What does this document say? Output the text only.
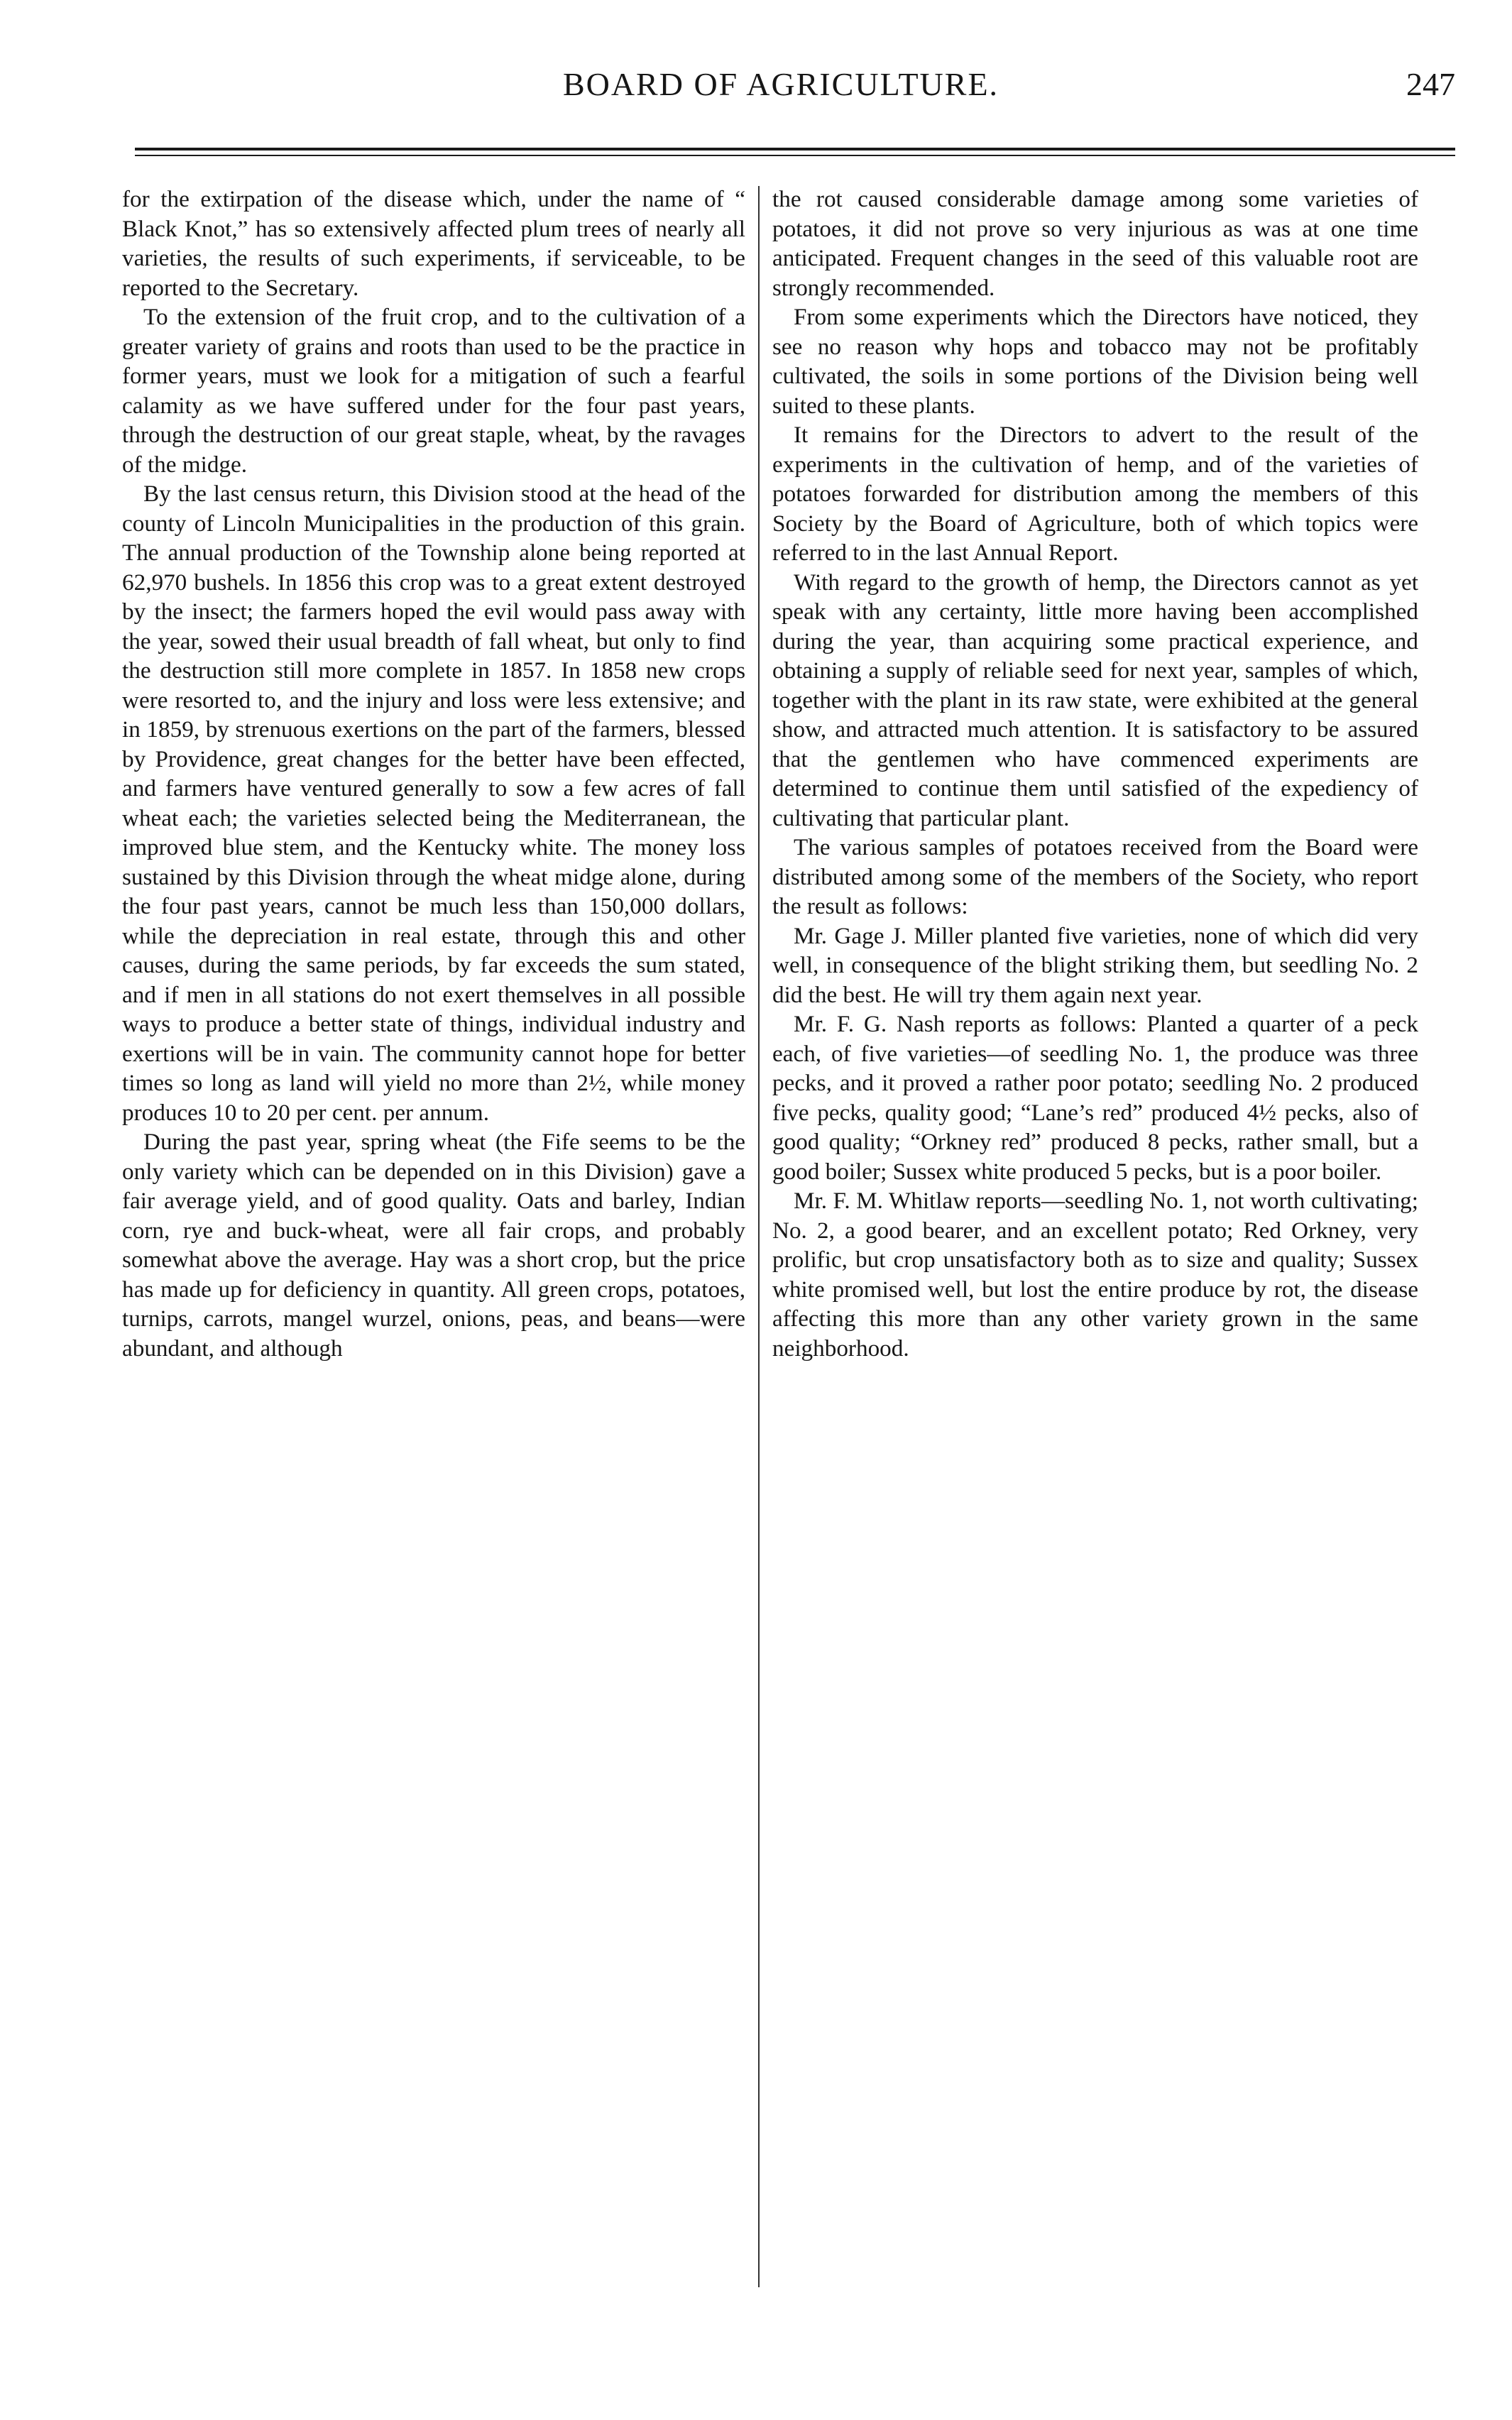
BOARD OF AGRICULTURE.	247

for the extirpation of the disease which, under the name of “ Black Knot,” has so extensively affected plum trees of nearly all varieties, the results of such experiments, if serviceable, to be reported to the Secretary.

To the extension of the fruit crop, and to the cultivation of a greater variety of grains and roots than used to be the practice in former years, must we look for a mitigation of such a fearful calamity as we have suffered under for the four past years, through the destruction of our great staple, wheat, by the ravages of the midge.

By the last census return, this Division stood at the head of the county of Lincoln Municipalities in the production of this grain. The annual production of the Township alone being reported at 62,970 bushels. In 1856 this crop was to a great extent destroyed by the insect; the farmers hoped the evil would pass away with the year, sowed their usual breadth of fall wheat, but only to find the destruction still more complete in 1857. In 1858 new crops were resorted to, and the injury and loss were less extensive; and in 1859, by strenuous exertions on the part of the farmers, blessed by Providence, great changes for the better have been effected, and farmers have ventured generally to sow a few acres of fall wheat each; the varieties selected being the Mediterranean, the improved blue stem, and the Kentucky white. The money loss sustained by this Division through the wheat midge alone, during the four past years, cannot be much less than 150,000 dollars, while the depreciation in real estate, through this and other causes, during the same periods, by far exceeds the sum stated, and if men in all stations do not exert themselves in all possible ways to produce a better state of things, individual industry and exertions will be in vain. The community cannot hope for better times so long as land will yield no more than 2½, while money produces 10 to 20 per cent. per annum.

During the past year, spring wheat (the Fife seems to be the only variety which can be depended on in this Division) gave a fair average yield, and of good quality. Oats and barley, Indian corn, rye and buck-wheat, were all fair crops, and probably somewhat above the average. Hay was a short crop, but the price has made up for deficiency in quantity. All green crops, potatoes, turnips, carrots, mangel wurzel, onions, peas, and beans—were abundant, and although

the rot caused considerable damage among some varieties of potatoes, it did not prove so very injurious as was at one time anticipated. Frequent changes in the seed of this valuable root are strongly recommended.

From some experiments which the Directors have noticed, they see no reason why hops and tobacco may not be profitably cultivated, the soils in some portions of the Division being well suited to these plants.

It remains for the Directors to advert to the result of the experiments in the cultivation of hemp, and of the varieties of potatoes forwarded for distribution among the members of this Society by the Board of Agriculture, both of which topics were referred to in the last Annual Report.

With regard to the growth of hemp, the Directors cannot as yet speak with any certainty, little more having been accomplished during the year, than acquiring some practical experience, and obtaining a supply of reliable seed for next year, samples of which, together with the plant in its raw state, were exhibited at the general show, and attracted much attention. It is satisfactory to be assured that the gentlemen who have commenced experiments are determined to continue them until satisfied of the expediency of cultivating that particular plant.

The various samples of potatoes received from the Board were distributed among some of the members of the Society, who report the result as follows:

Mr. Gage J. Miller planted five varieties, none of which did very well, in consequence of the blight striking them, but seedling No. 2 did the best. He will try them again next year.

Mr. F. G. Nash reports as follows: Planted a quarter of a peck each, of five varieties—of seedling No. 1, the produce was three pecks, and it proved a rather poor potato; seedling No. 2 produced five pecks, quality good; “Lane’s red” produced 4½ pecks, also of good quality; “Orkney red” produced 8 pecks, rather small, but a good boiler; Sussex white produced 5 pecks, but is a poor boiler.

Mr. F. M. Whitlaw reports—seedling No. 1, not worth cultivating; No. 2, a good bearer, and an excellent potato; Red Orkney, very prolific, but crop unsatisfactory both as to size and quality; Sussex white promised well, but lost the entire produce by rot, the disease affecting this more than any other variety grown in the same neighborhood.
